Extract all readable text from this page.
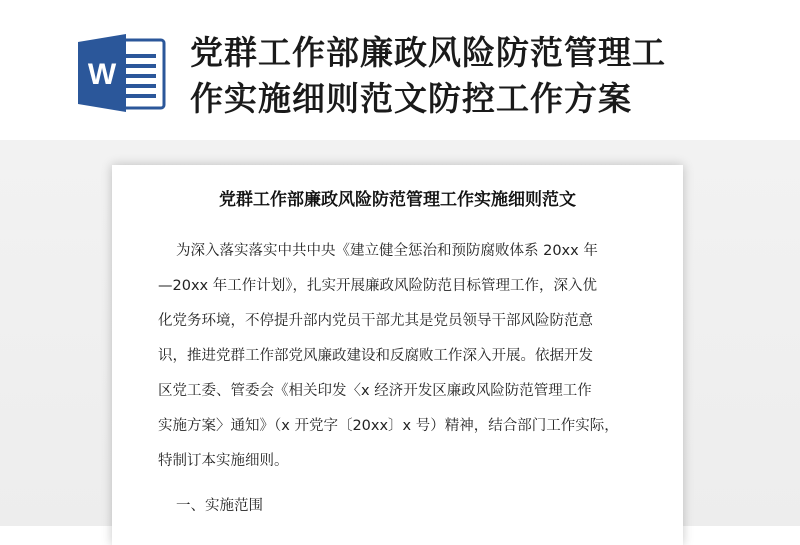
W
党群工作部廉政风险防范管理工
作实施细则范文防控工作方案
党群工作部廉政风险防范管理工作实施细则范文

为深入落实落实中共中央《建立健全惩治和预防腐败体系 20xx 年

—20xx 年工作计划》，扎实开展廉政风险防范目标管理工作，深入优

化党务环境，不停提升部内党员干部尤其是党员领导干部风险防范意

识，推进党群工作部党风廉政建设和反腐败工作深入开展。依据开发

区党工委、管委会《相关印发〈x 经济开发区廉政风险防范管理工作

实施方案〉通知》（x 开党字〔20xx〕x 号）精神，结合部门工作实际，

特制订本实施细则。

一、实施范围
